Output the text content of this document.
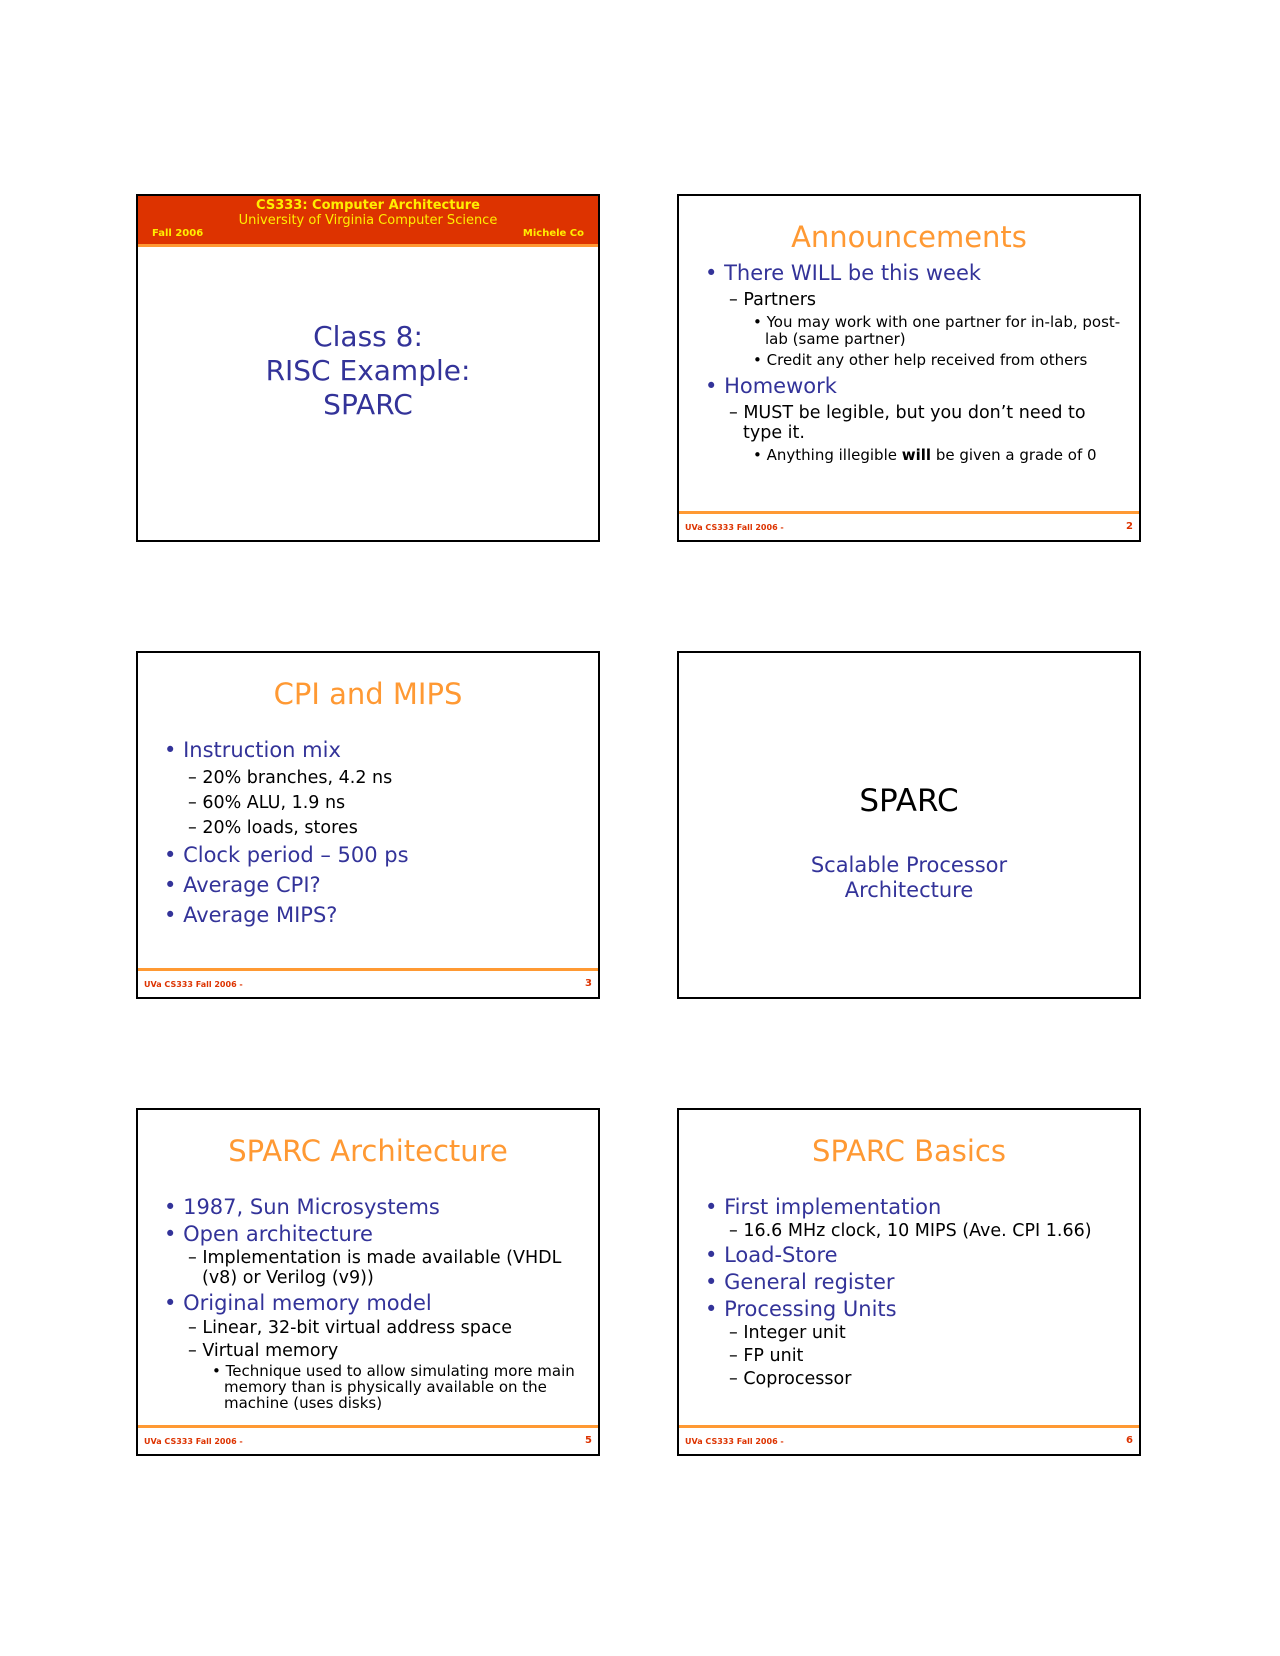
CS333: Computer Architecture
University of Virginia Computer Science
Fall 2006	Michele Co
Class 8:
RISC Example:
SPARC
Announcements
• There WILL be this week
– Partners
• You may work with one partner for in-lab, post-lab (same partner)
• Credit any other help received from others
• Homework
– MUST be legible, but you don’t need to type it.
• Anything illegible will be given a grade of 0
UVa CS333 Fall 2006 -	2
CPI and MIPS
• Instruction mix
– 20% branches, 4.2 ns
– 60% ALU, 1.9 ns
– 20% loads, stores
• Clock period – 500 ps
• Average CPI?
• Average MIPS?
UVa CS333 Fall 2006 -	3
SPARC
Scalable Processor
Architecture
SPARC Architecture
• 1987, Sun Microsystems
• Open architecture
– Implementation is made available (VHDL (v8) or Verilog (v9))
• Original memory model
– Linear, 32-bit virtual address space
– Virtual memory
• Technique used to allow simulating more main memory than is physically available on the machine (uses disks)
UVa CS333 Fall 2006 -	5
SPARC Basics
• First implementation
– 16.6 MHz clock, 10 MIPS (Ave. CPI 1.66)
• Load-Store
• General register
• Processing Units
– Integer unit
– FP unit
– Coprocessor
UVa CS333 Fall 2006 -	6
